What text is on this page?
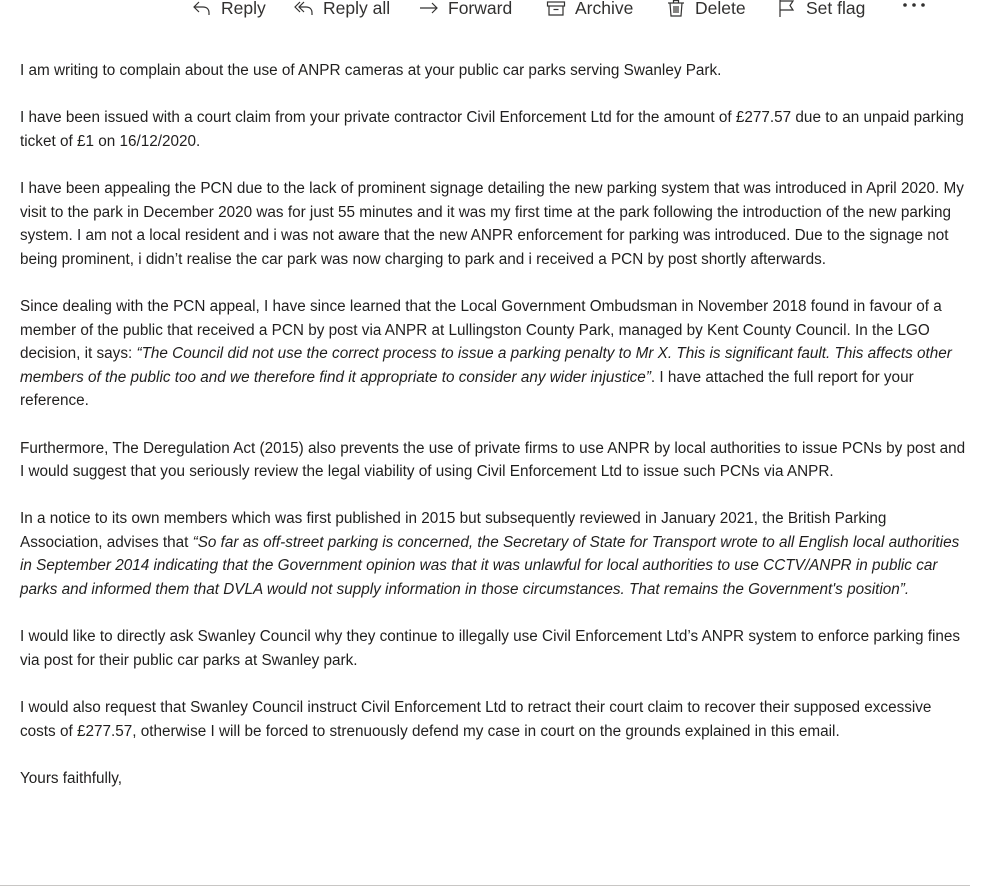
Reply	Reply all	Forward	Archive	Delete	Set flag

I am writing to complain about the use of ANPR cameras at your public car parks serving Swanley Park.

I have been issued with a court claim from your private contractor Civil Enforcement Ltd for the amount of £277.57 due to an unpaid parking ticket of £1 on 16/12/2020.

I have been appealing the PCN due to the lack of prominent signage detailing the new parking system that was introduced in April 2020. My visit to the park in December 2020 was for just 55 minutes and it was my first time at the park following the introduction of the new parking system. I am not a local resident and i was not aware that the new ANPR enforcement for parking was introduced. Due to the signage not being prominent, i didn’t realise the car park was now charging to park and i received a PCN by post shortly afterwards.

Since dealing with the PCN appeal, I have since learned that the Local Government Ombudsman in November 2018 found in favour of a member of the public that received a PCN by post via ANPR at Lullingston County Park, managed by Kent County Council. In the LGO decision, it says: “The Council did not use the correct process to issue a parking penalty to Mr X. This is significant fault. This affects other members of the public too and we therefore find it appropriate to consider any wider injustice”. I have attached the full report for your reference.

Furthermore, The Deregulation Act (2015) also prevents the use of private firms to use ANPR by local authorities to issue PCNs by post and I would suggest that you seriously review the legal viability of using Civil Enforcement Ltd to issue such PCNs via ANPR.

In a notice to its own members which was first published in 2015 but subsequently reviewed in January 2021, the British Parking Association, advises that “So far as off-street parking is concerned, the Secretary of State for Transport wrote to all English local authorities in September 2014 indicating that the Government opinion was that it was unlawful for local authorities to use CCTV/ANPR in public car parks and informed them that DVLA would not supply information in those circumstances. That remains the Government's position”.

I would like to directly ask Swanley Council why they continue to illegally use Civil Enforcement Ltd’s ANPR system to enforce parking fines via post for their public car parks at Swanley park.

I would also request that Swanley Council instruct Civil Enforcement Ltd to retract their court claim to recover their supposed excessive costs of £277.57, otherwise I will be forced to strenuously defend my case in court on the grounds explained in this email.

Yours faithfully,
